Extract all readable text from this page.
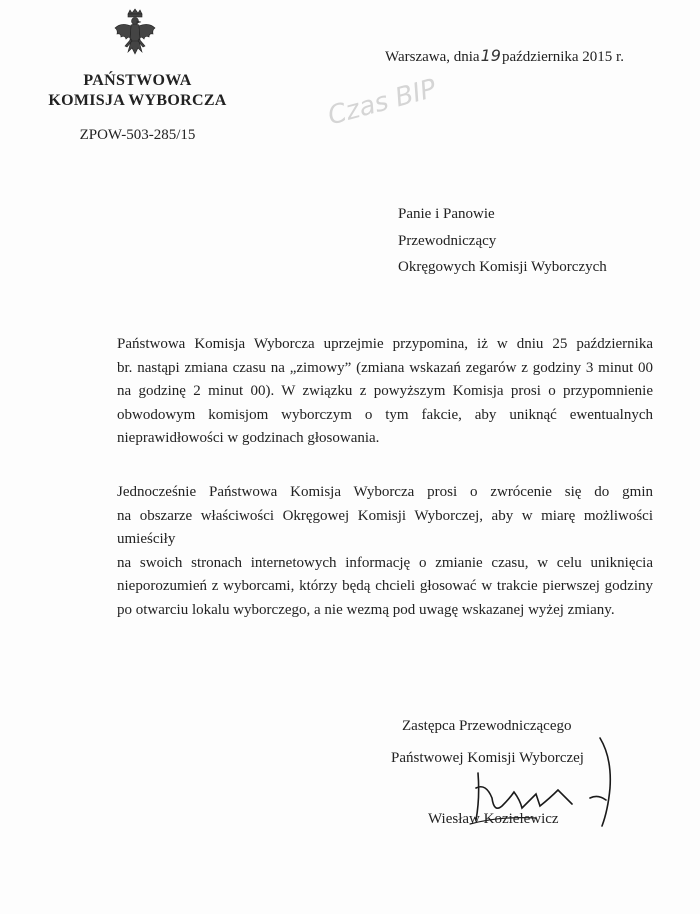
PAŃSTWOWA
KOMISJA WYBORCZA
ZPOW-503-285/15
Warszawa, dnia19października 2015 r.
Czas BIP
Panie i Panowie
Przewodniczący
Okręgowych Komisji Wyborczych

Państwowa Komisja Wyborcza uprzejmie przypomina, iż w dniu 25 października
br. nastąpi zmiana czasu na „zimowy” (zmiana wskazań zegarów z godziny 3 minut 00
na godzinę 2 minut 00). W związku z powyższym Komisja prosi o przypomnienie
obwodowym komisjom wyborczym o tym fakcie, aby uniknąć ewentualnych
nieprawidłowości w godzinach głosowania.

Jednocześnie Państwowa Komisja Wyborcza prosi o zwrócenie się do gmin
na obszarze właściwości Okręgowej Komisji Wyborczej, aby w miarę możliwości umieściły
na swoich stronach internetowych informację o zmianie czasu, w celu uniknięcia
nieporozumień z wyborcami, którzy będą chcieli głosować w trakcie pierwszej godziny
po otwarciu lokalu wyborczego, a nie wezmą pod uwagę wskazanej wyżej zmiany.

Zastępca Przewodniczącego
Państwowej Komisji Wyborczej
Wiesław Kozielewicz
